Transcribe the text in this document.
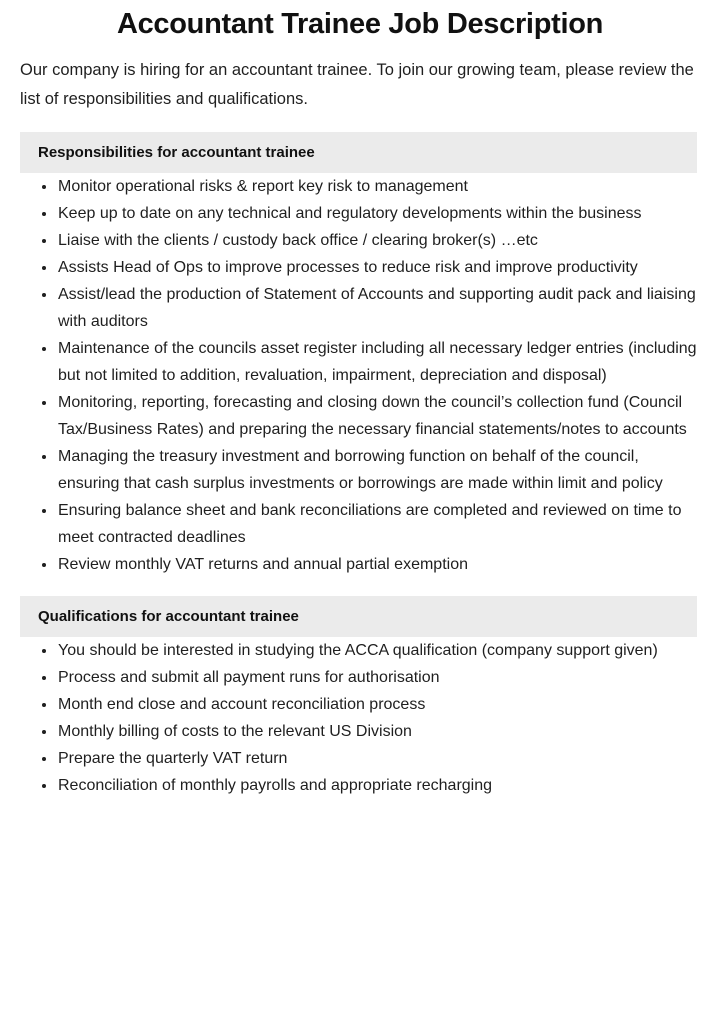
Accountant Trainee Job Description

Our company is hiring for an accountant trainee. To join our growing team, please review the list of responsibilities and qualifications.

Responsibilities for accountant trainee
Monitor operational risks & report key risk to management
Keep up to date on any technical and regulatory developments within the business
Liaise with the clients / custody back office / clearing broker(s) …etc
Assists Head of Ops to improve processes to reduce risk and improve productivity
Assist/lead the production of Statement of Accounts and supporting audit pack and liaising with auditors
Maintenance of the councils asset register including all necessary ledger entries (including but not limited to addition, revaluation, impairment, depreciation and disposal)
Monitoring, reporting, forecasting and closing down the council’s collection fund (Council Tax/Business Rates) and preparing the necessary financial statements/notes to accounts
Managing the treasury investment and borrowing function on behalf of the council, ensuring that cash surplus investments or borrowings are made within limit and policy
Ensuring balance sheet and bank reconciliations are completed and reviewed on time to meet contracted deadlines
Review monthly VAT returns and annual partial exemption
Qualifications for accountant trainee
You should be interested in studying the ACCA qualification (company support given)
Process and submit all payment runs for authorisation
Month end close and account reconciliation process
Monthly billing of costs to the relevant US Division
Prepare the quarterly VAT return
Reconciliation of monthly payrolls and appropriate recharging
